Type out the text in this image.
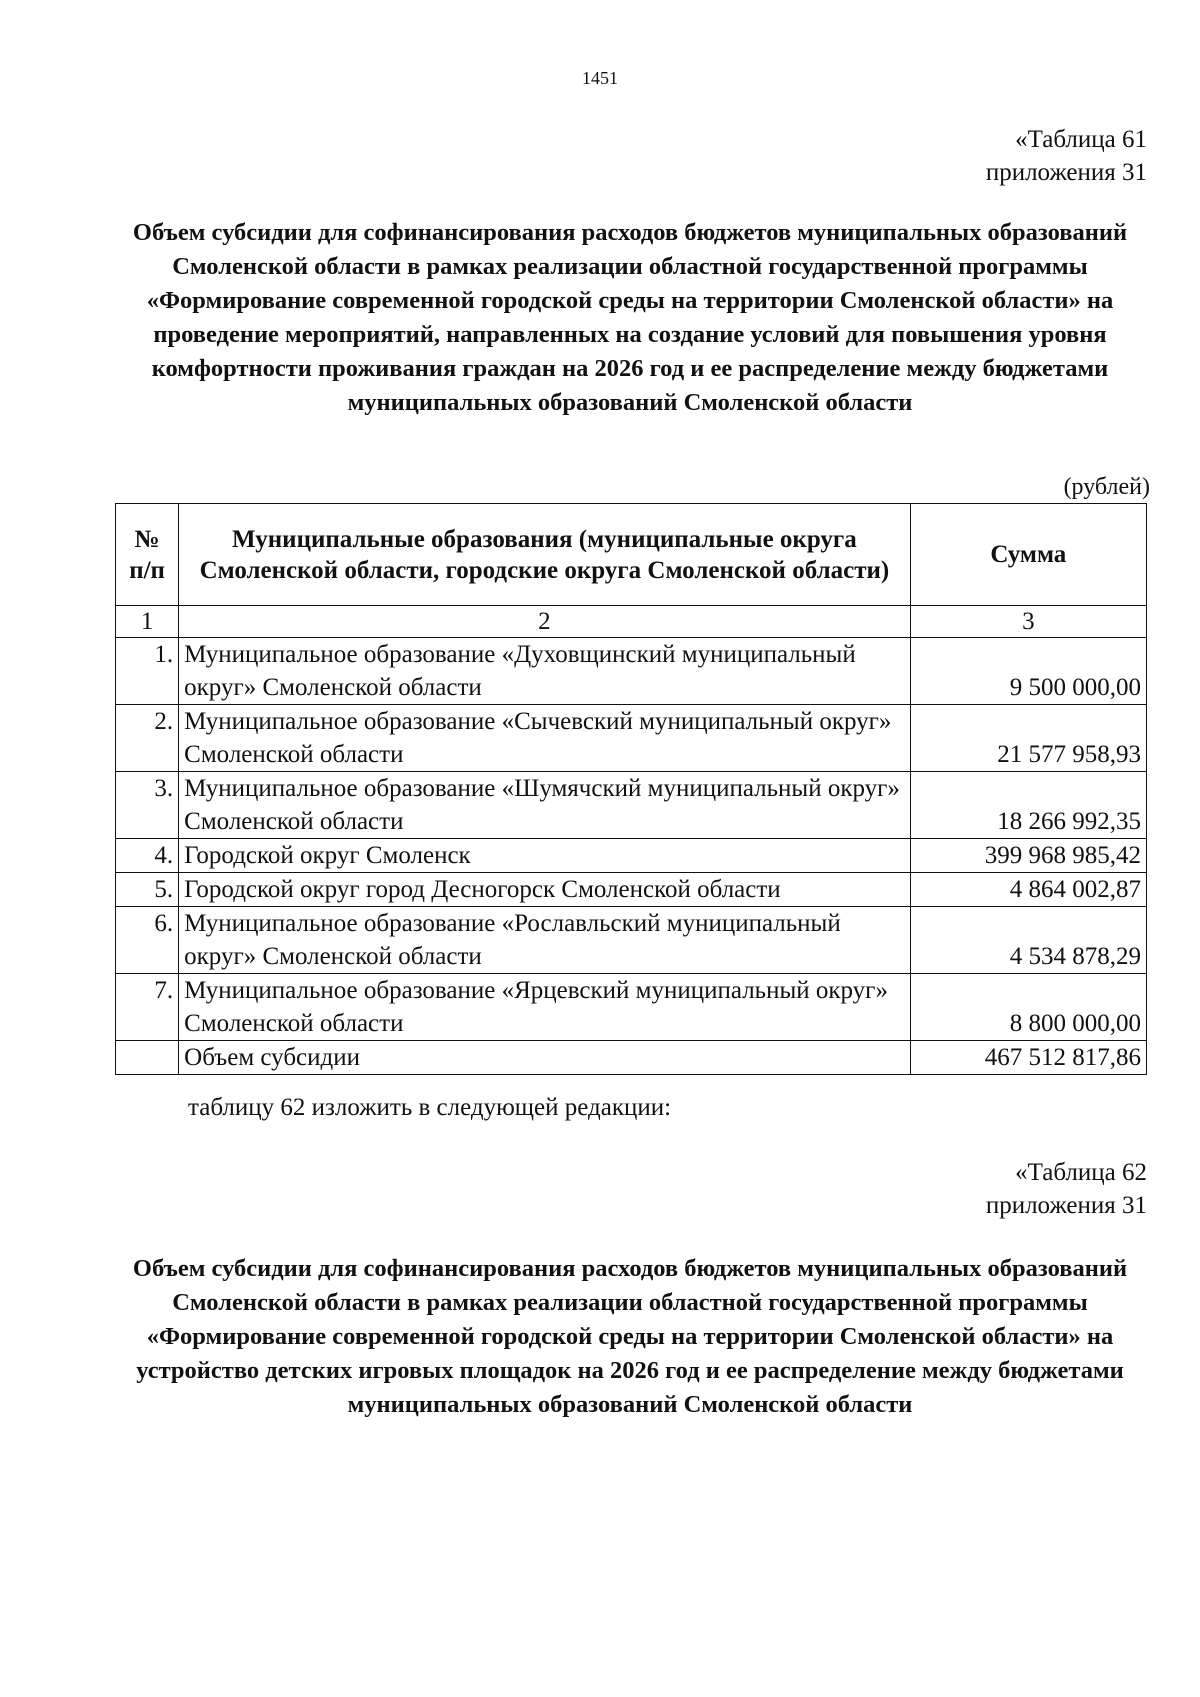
1451
«Таблица 61
приложения 31
Объем субсидии для софинансирования расходов бюджетов муниципальных образований Смоленской области в рамках реализации областной государственной программы «Формирование современной городской среды на территории Смоленской области» на проведение мероприятий, направленных на создание условий для повышения уровня комфортности проживания граждан на 2026 год и ее распределение между бюджетами муниципальных образований Смоленской области
(рублей)
№ п/п	Муниципальные образования (муниципальные округа Смоленской области, городские округа Смоленской области)	Сумма
1	2	3
1.	Муниципальное образование «Духовщинский муниципальный округ» Смоленской области	9 500 000,00
2.	Муниципальное образование «Сычевский муниципальный округ» Смоленской области	21 577 958,93
3.	Муниципальное образование «Шумячский муниципальный округ» Смоленской области	18 266 992,35
4.	Городской округ Смоленск	399 968 985,42
5.	Городской округ город Десногорск Смоленской области	4 864 002,87
6.	Муниципальное образование «Рославльский муниципальный округ» Смоленской области	4 534 878,29
7.	Муниципальное образование «Ярцевский муниципальный округ» Смоленской области	8 800 000,00
	Объем субсидии	467 512 817,86
таблицу 62 изложить в следующей редакции:
«Таблица 62
приложения 31
Объем субсидии для софинансирования расходов бюджетов муниципальных образований Смоленской области в рамках реализации областной государственной программы «Формирование современной городской среды на территории Смоленской области» на устройство детских игровых площадок на 2026 год и ее распределение между бюджетами муниципальных образований Смоленской области
